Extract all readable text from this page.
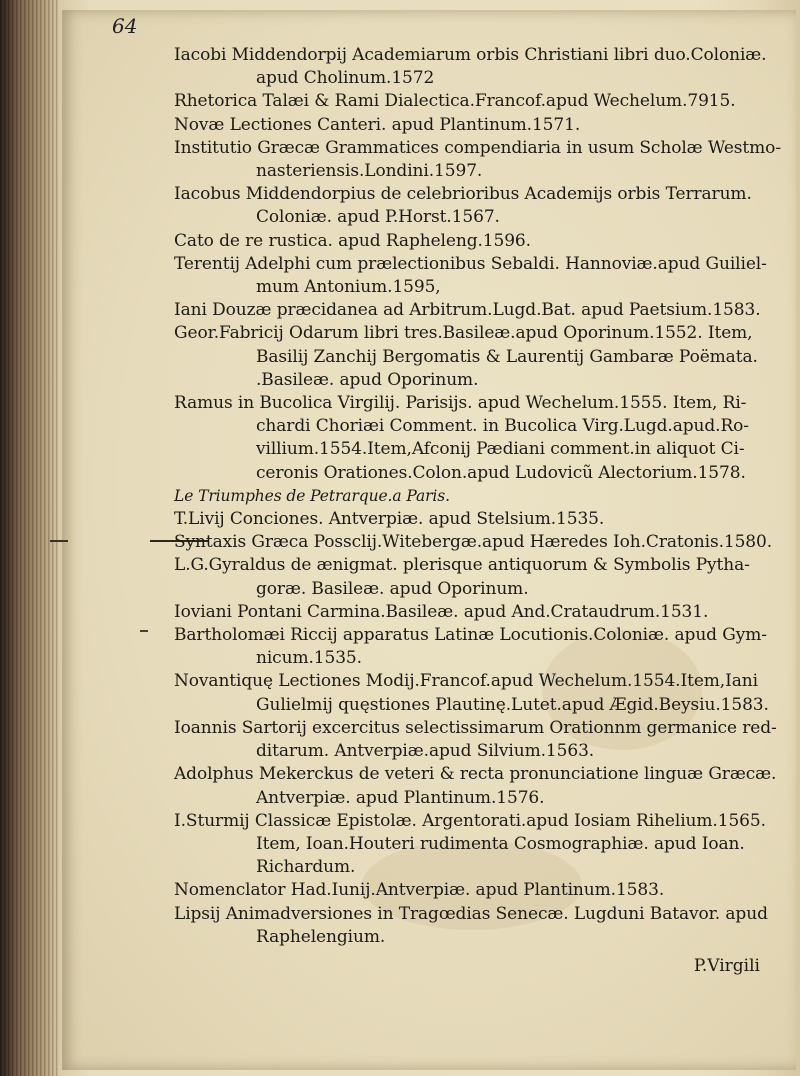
64
Iacobi Middendorpij Academiarum orbis Christiani libri duo.Coloniæ.
apud Cholinum.1572
Rhetorica Talæi & Rami Dialectica.Francof.apud Wechelum.7915.
Novæ Lectiones Canteri. apud Plantinum.1571.
Institutio Græcæ Grammatices compendiaria in usum Scholæ Westmo-
nasteriensis.Londini.1597.
Iacobus Middendorpius de celebrioribus Academijs orbis Terrarum.
Coloniæ. apud P.Horst.1567.
Cato de re rustica. apud Rapheleng.1596.
Terentij Adelphi cum prælectionibus Sebaldi. Hannoviæ.apud Guiliel-
mum Antonium.1595,
Iani Douzæ præcidanea ad Arbitrum.Lugd.Bat. apud Paetsium.1583.
Geor.Fabricij Odarum libri tres.Basileæ.apud Oporinum.1552. Item,
Basilij Zanchij Bergomatis & Laurentij Gambaræ Poëmata.
.Basileæ. apud Oporinum.
Ramus in Bucolica Virgilij. Parisijs. apud Wechelum.1555. Item, Ri-
chardi Choriæi Comment. in Bucolica Virg.Lugd.apud.Ro-
villium.1554.Item,Afconij Pædiani comment.in aliquot Ci-
ceronis Orationes.Colon.apud Ludovicũ Alectorium.1578.
Le Triumphes de Petrarque.a Paris.
T.Livij Conciones. Antverpiæ. apud Stelsium.1535.
Syntaxis Græca Possclij.Witebergæ.apud Hæredes Ioh.Cratonis.1580.
L.G.Gyraldus de ænigmat. plerisque antiquorum & Symbolis Pytha-
goræ. Basileæ. apud Oporinum.
Ioviani Pontani Carmina.Basileæ. apud And.Crataudrum.1531.
Bartholomæi Riccij apparatus Latinæ Locutionis.Coloniæ. apud Gym-
nicum.1535.
Novantiquę Lectiones Modij.Francof.apud Wechelum.1554.Item,Iani
Gulielmij quęstiones Plautinę.Lutet.apud Ægid.Beysiu.1583.
Ioannis Sartorij excercitus selectissimarum Orationnm germanice red-
ditarum. Antverpiæ.apud Silvium.1563.
Adolphus Mekerckus de veteri & recta pronunciatione linguæ Græcæ.
Antverpiæ. apud Plantinum.1576.
I.Sturmij Classicæ Epistolæ. Argentorati.apud Iosiam Rihelium.1565.
Item, Ioan.Houteri rudimenta Cosmographiæ. apud Ioan.
Richardum.
Nomenclator Had.Iunij.Antverpiæ. apud Plantinum.1583.
Lipsij Animadversiones in Tragœdias Senecæ. Lugduni Batavor. apud
Raphelengium.
P.Virgili
